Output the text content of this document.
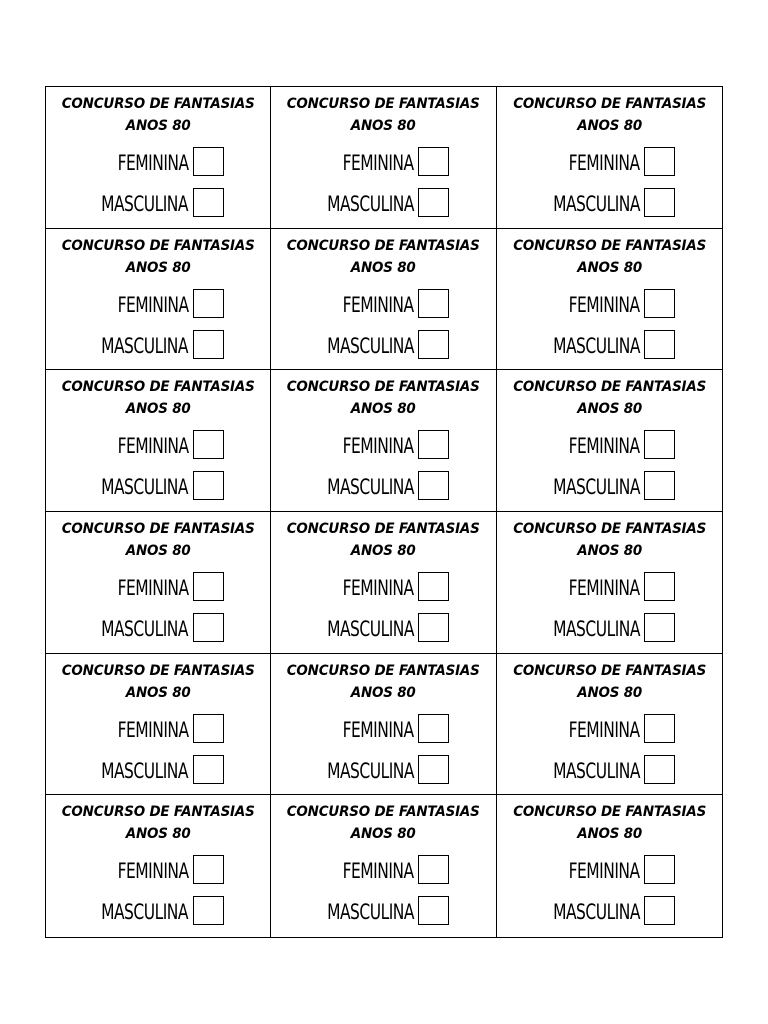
CONCURSO DE FANTASIAS
ANOS 80
FEMININA
MASCULINA
CONCURSO DE FANTASIAS
ANOS 80
FEMININA
MASCULINA
CONCURSO DE FANTASIAS
ANOS 80
FEMININA
MASCULINA
CONCURSO DE FANTASIAS
ANOS 80
FEMININA
MASCULINA
CONCURSO DE FANTASIAS
ANOS 80
FEMININA
MASCULINA
CONCURSO DE FANTASIAS
ANOS 80
FEMININA
MASCULINA
CONCURSO DE FANTASIAS
ANOS 80
FEMININA
MASCULINA
CONCURSO DE FANTASIAS
ANOS 80
FEMININA
MASCULINA
CONCURSO DE FANTASIAS
ANOS 80
FEMININA
MASCULINA
CONCURSO DE FANTASIAS
ANOS 80
FEMININA
MASCULINA
CONCURSO DE FANTASIAS
ANOS 80
FEMININA
MASCULINA
CONCURSO DE FANTASIAS
ANOS 80
FEMININA
MASCULINA
CONCURSO DE FANTASIAS
ANOS 80
FEMININA
MASCULINA
CONCURSO DE FANTASIAS
ANOS 80
FEMININA
MASCULINA
CONCURSO DE FANTASIAS
ANOS 80
FEMININA
MASCULINA
CONCURSO DE FANTASIAS
ANOS 80
FEMININA
MASCULINA
CONCURSO DE FANTASIAS
ANOS 80
FEMININA
MASCULINA
CONCURSO DE FANTASIAS
ANOS 80
FEMININA
MASCULINA
